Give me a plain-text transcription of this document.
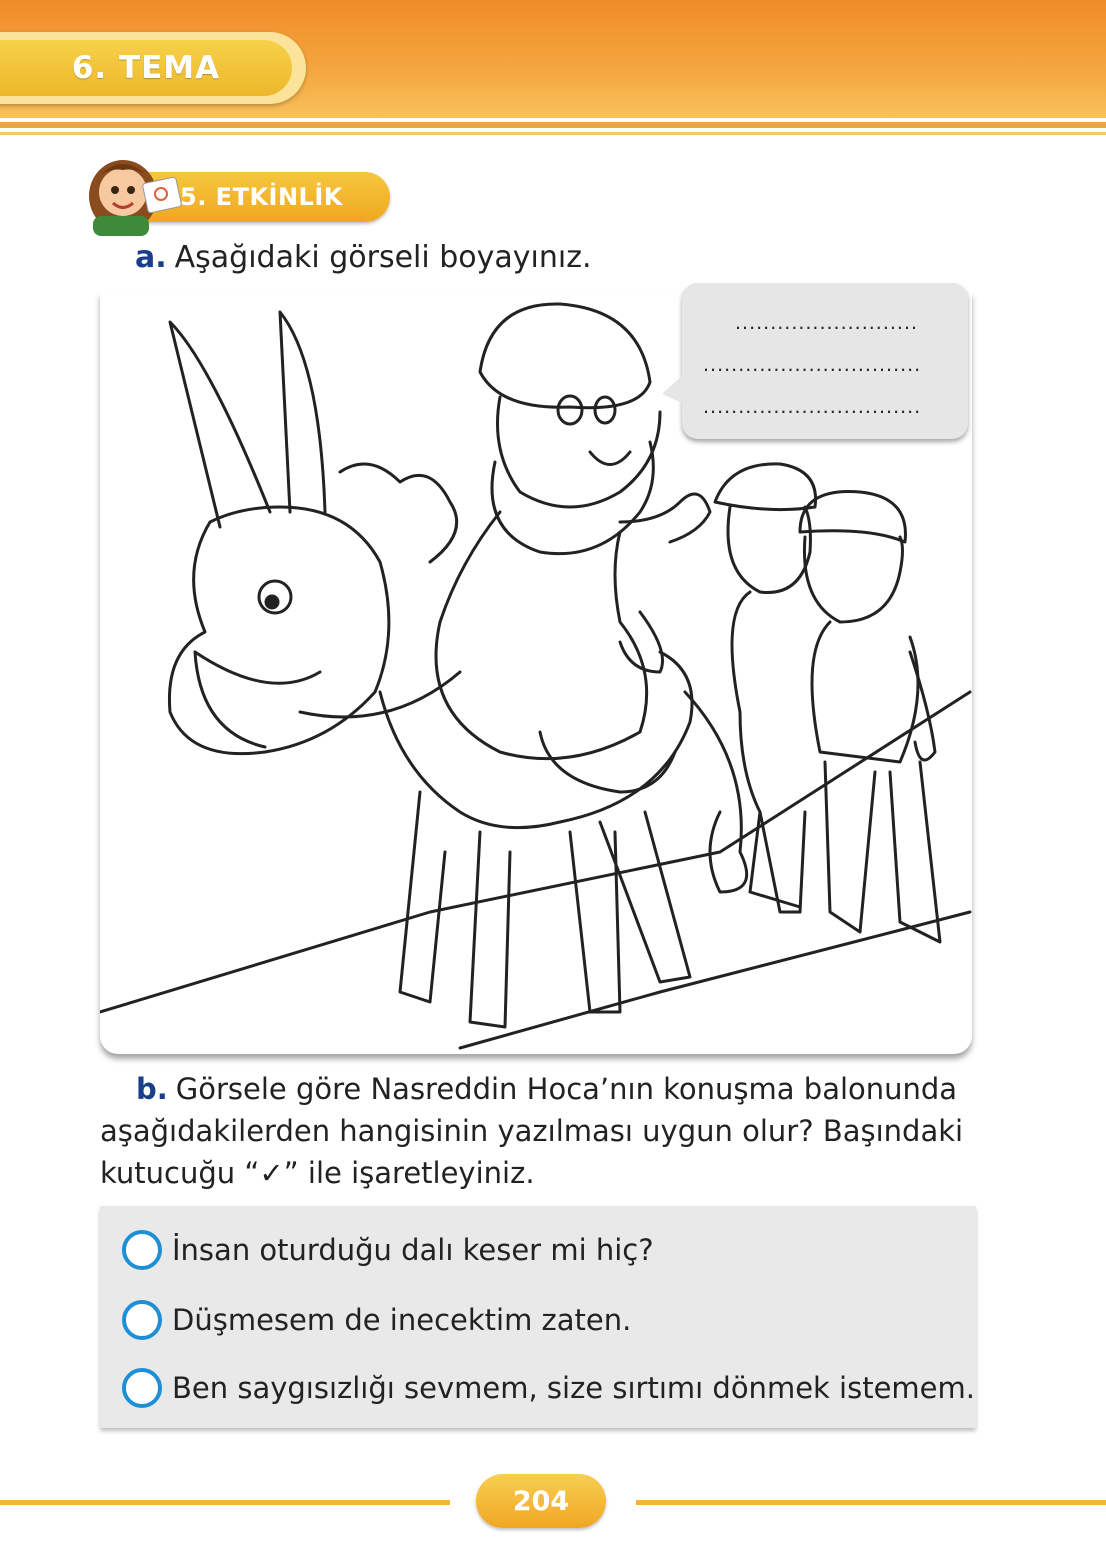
6. TEMA
5. ETKİNLİK
a. Aşağıdaki görseli boyayınız.
..........................
...............................
...............................
b. Görsele göre Nasreddin Hoca’nın konuşma balonunda aşağıdakilerden hangisinin yazılması uygun olur? Başındaki kutucuğu “✓” ile işaretleyiniz.
İnsan oturduğu dalı keser mi hiç?
Düşmesem de inecektim zaten.
Ben saygısızlığı sevmem, size sırtımı dönmek istemem.
204
